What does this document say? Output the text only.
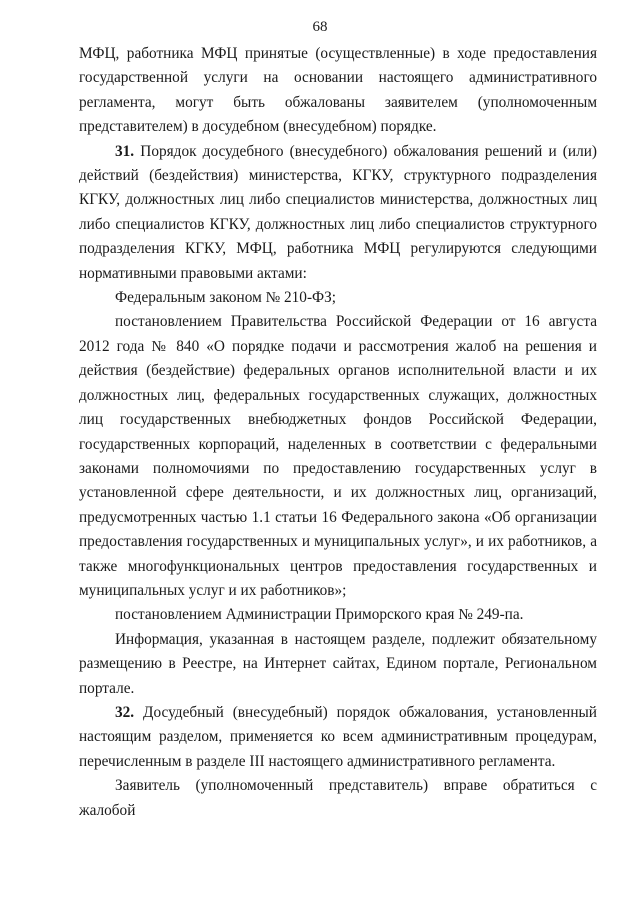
68

МФЦ, работника МФЦ принятые (осуществленные) в ходе предоставления государственной услуги на основании настоящего административного регламента, могут быть обжалованы заявителем (уполномоченным представителем) в досудебном (внесудебном) порядке.

31. Порядок досудебного (внесудебного) обжалования решений и (или) действий (бездействия) министерства, КГКУ, структурного подразделения КГКУ, должностных лиц либо специалистов министерства, должностных лиц либо специалистов КГКУ, должностных лиц либо специалистов структурного подразделения КГКУ, МФЦ, работника МФЦ регулируются следующими нормативными правовыми актами:

Федеральным законом № 210-ФЗ;

постановлением Правительства Российской Федерации от 16 августа 2012 года № 840 «О порядке подачи и рассмотрения жалоб на решения и действия (бездействие) федеральных органов исполнительной власти и их должностных лиц, федеральных государственных служащих, должностных лиц государственных внебюджетных фондов Российской Федерации, государственных корпораций, наделенных в соответствии с федеральными законами полномочиями по предоставлению государственных услуг в установленной сфере деятельности, и их должностных лиц, организаций, предусмотренных частью 1.1 статьи 16 Федерального закона «Об организации предоставления государственных и муниципальных услуг», и их работников, а также многофункциональных центров предоставления государственных и муниципальных услуг и их работников»;

постановлением Администрации Приморского края № 249-па.

Информация, указанная в настоящем разделе, подлежит обязательному размещению в Реестре, на Интернет сайтах, Едином портале, Региональном портале.

32. Досудебный (внесудебный) порядок обжалования, установленный настоящим разделом, применяется ко всем административным процедурам, перечисленным в разделе III настоящего административного регламента.

Заявитель (уполномоченный представитель) вправе обратиться с жалобой
